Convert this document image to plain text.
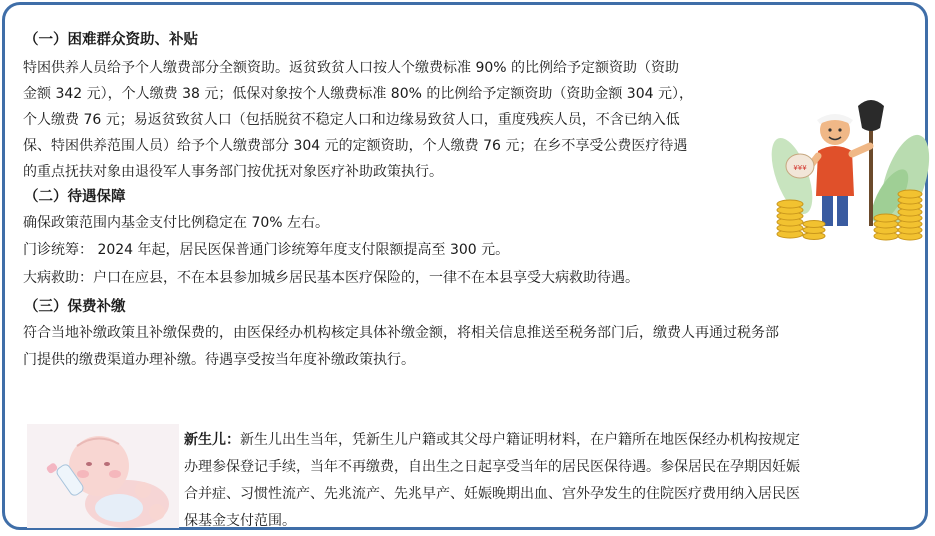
（一）困难群众资助、补贴
特困供养人员给予个人缴费部分全额资助。返贫致贫人口按人个缴费标准 90% 的比例给予定额资助（资助
金额 342 元），个人缴费 38 元；低保对象按个人缴费标准 80% 的比例给予定额资助（资助金额 304 元），
个人缴费 76 元；易返贫致贫人口（包括脱贫不稳定人口和边缘易致贫人口，重度残疾人员，不含已纳入低
保、特困供养范围人员）给予个人缴费部分 304 元的定额资助，个人缴费 76 元；在乡不享受公费医疗待遇
的重点抚扶对象由退役军人事务部门按优抚对象医疗补助政策执行。
（二）待遇保障
确保政策范围内基金支付比例稳定在 70% 左右。
门诊统筹： 2024 年起，居民医保普通门诊统筹年度支付限额提高至 300 元。
大病救助：户口在应县，不在本县参加城乡居民基本医疗保险的，一律不在本县享受大病救助待遇。
（三）保费补缴
符合当地补缴政策且补缴保费的，由医保经办机构核定具体补缴金额，将相关信息推送至税务部门后，缴费人再通过税务部
门提供的缴费渠道办理补缴。待遇享受按当年度补缴政策执行。
新生儿：新生儿出生当年，凭新生儿户籍或其父母户籍证明材料，在户籍所在地医保经办机构按规定
办理参保登记手续，当年不再缴费，自出生之日起享受当年的居民医保待遇。参保居民在孕期因妊娠
合并症、习惯性流产、先兆流产、先兆早产、妊娠晚期出血、宫外孕发生的住院医疗费用纳入居民医
保基金支付范围。
¥¥¥
